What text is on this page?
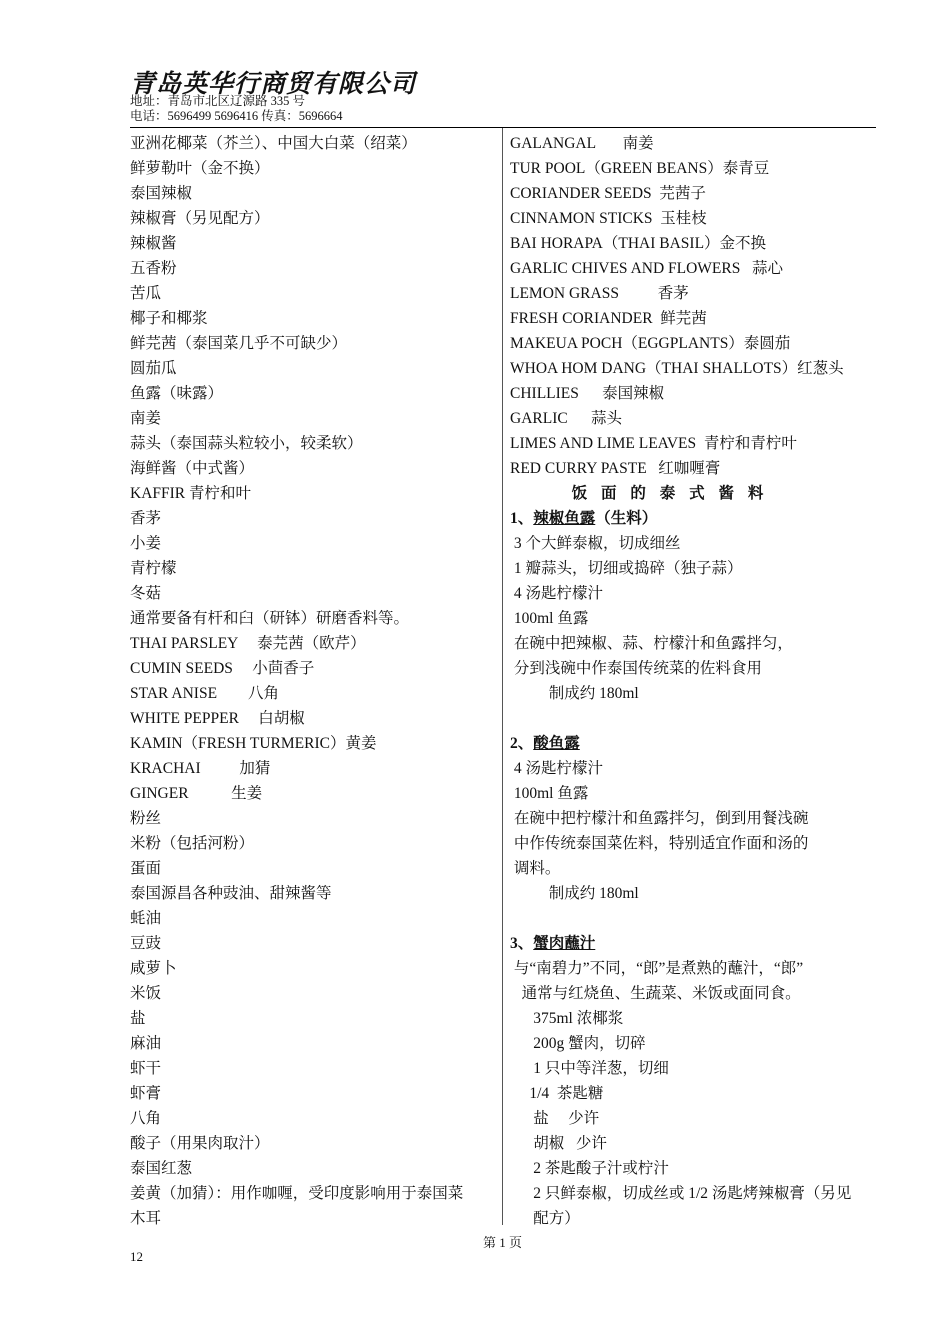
青岛英华行商贸有限公司
地址：青岛市北区辽源路 335 号
电话：5696499 5696416 传真：5696664
亚洲花椰菜（芥兰）、中国大白菜（绍菜）
鲜萝勒叶（金不换）
泰国辣椒
辣椒膏（另见配方）
辣椒酱
五香粉
苦瓜
椰子和椰浆
鲜芫茜（泰国菜几乎不可缺少）
圆茄瓜
鱼露（味露）
南姜
蒜头（泰国蒜头粒较小，较柔软）
海鲜酱（中式酱）
KAFFIR 青柠和叶
香茅
小姜
青柠檬
冬菇
通常要备有杆和臼（研钵）研磨香料等。
THAI PARSLEY     泰芫茜（欧芹）
CUMIN SEEDS     小茴香子
STAR ANISE        八角
WHITE PEPPER     白胡椒
KAMIN（FRESH TURMERIC）黄姜
KRACHAI          加猜
GINGER           生姜
粉丝
米粉（包括河粉）
蛋面
泰国源昌各种豉油、甜辣酱等
蚝油
豆豉
咸萝卜
米饭
盐
麻油
虾干
虾膏
八角
酸子（用果肉取汁）
泰国红葱
姜黄（加猜）：用作咖喱，受印度影响用于泰国菜
木耳
GALANGAL       南姜
TUR POOL（GREEN BEANS）泰青豆
CORIANDER SEEDS  芫茜子
CINNAMON STICKS  玉桂枝
BAI HORAPA（THAI BASIL）金不换
GARLIC CHIVES AND FLOWERS   蒜心
LEMON GRASS          香茅
FRESH CORIANDER  鲜芫茜
MAKEUA POCH（EGGPLANTS）泰圆茄
WHOA HOM DANG（THAI SHALLOTS）红葱头
CHILLIES      泰国辣椒
GARLIC      蒜头
LIMES AND LIME LEAVES  青柠和青柠叶
RED CURRY PASTE   红咖喱膏
饭 面 的 泰 式 酱 料
1、辣椒鱼露（生料）
3 个大鲜泰椒，切成细丝
1 瓣蒜头，切细或捣碎（独子蒜）
4 汤匙柠檬汁
100ml 鱼露
在碗中把辣椒、蒜、柠檬汁和鱼露拌匀，
分到浅碗中作泰国传统菜的佐料食用
制成约 180ml
2、酸鱼露
4 汤匙柠檬汁
100ml 鱼露
在碗中把柠檬汁和鱼露拌匀，倒到用餐浅碗
中作传统泰国菜佐料，特别适宜作面和汤的
调料。
制成约 180ml
3、蟹肉蘸汁
与“南碧力”不同，“郎”是煮熟的蘸汁，“郎”
通常与红烧鱼、生蔬菜、米饭或面同食。
375ml 浓椰浆
200g 蟹肉，切碎
1 只中等洋葱，切细
1/4  茶匙糖
盐     少许
胡椒   少许
2 茶匙酸子汁或柠汁
2 只鲜泰椒，切成丝或 1/2 汤匙烤辣椒膏（另见
配方）
第 1 页
12
